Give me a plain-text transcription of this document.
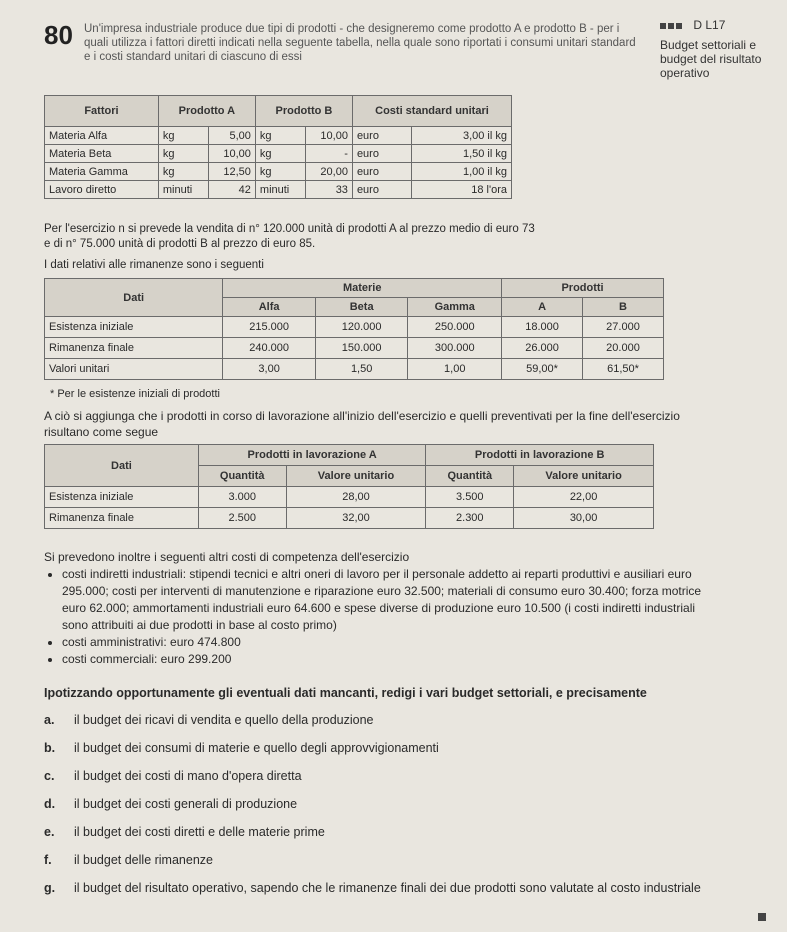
80 Un'impresa industriale produce due tipi di prodotti - che designeremo come prodotto A e prodotto B - per i quali utilizza i fattori diretti indicati nella seguente tabella, nella quale sono riportati i consumi unitari standard e i costi standard unitari di ciascuno di essi
D L17
Budget settoriali e budget del risultato operativo
Fattori	Prodotto A		Prodotto B		Costi standard unitari	
Materia Alfa	kg	5,00	kg	10,00	euro	3,00 il kg
Materia Beta	kg	10,00	kg	-	euro	1,50 il kg
Materia Gamma	kg	12,50	kg	20,00	euro	1,00 il kg
Lavoro diretto	minuti	42	minuti	33	euro	18 l'ora
Per l'esercizio n si prevede la vendita di n° 120.000 unità di prodotti A al prezzo medio di euro 73
e di n° 75.000 unità di prodotti B al prezzo di euro 85.
I dati relativi alle rimanenze sono i seguenti
Dati	Materie			Prodotti	
	Alfa	Beta	Gamma	A	B
Esistenza iniziale	215.000	120.000	250.000	18.000	27.000
Rimanenza finale	240.000	150.000	300.000	26.000	20.000
Valori unitari	3,00	1,50	1,00	59,00*	61,50*
* Per le esistenze iniziali di prodotti
A ciò si aggiunga che i prodotti in corso di lavorazione all'inizio dell'esercizio e quelli preventivati per la fine dell'esercizio risultano come segue
Dati	Prodotti in lavorazione A		Prodotti in lavorazione B	
	Quantità	Valore unitario	Quantità	Valore unitario
Esistenza iniziale	3.000	28,00	3.500	22,00
Rimanenza finale	2.500	32,00	2.300	30,00
Si prevedono inoltre i seguenti altri costi di competenza dell'esercizio
• costi indiretti industriali: stipendi tecnici e altri oneri di lavoro per il personale addetto ai reparti produttivi e ausiliari euro 295.000; costi per interventi di manutenzione e riparazione euro 32.500; materiali di consumo euro 30.400; forza motrice euro 62.000; ammortamenti industriali euro 64.600 e spese diverse di produzione euro 10.500 (i costi indiretti industriali sono attribuiti ai due prodotti in base al costo primo)
• costi amministrativi: euro 474.800
• costi commerciali: euro 299.200
Ipotizzando opportunamente gli eventuali dati mancanti, redigi i vari budget settoriali, e precisamente
a.	il budget dei ricavi di vendita e quello della produzione
b.	il budget dei consumi di materie e quello degli approvvigionamenti
c.	il budget dei costi di mano d'opera diretta
d.	il budget dei costi generali di produzione
e.	il budget dei costi diretti e delle materie prime
f.	il budget delle rimanenze
g.	il budget del risultato operativo, sapendo che le rimanenze finali dei due prodotti sono valutate al costo industriale
